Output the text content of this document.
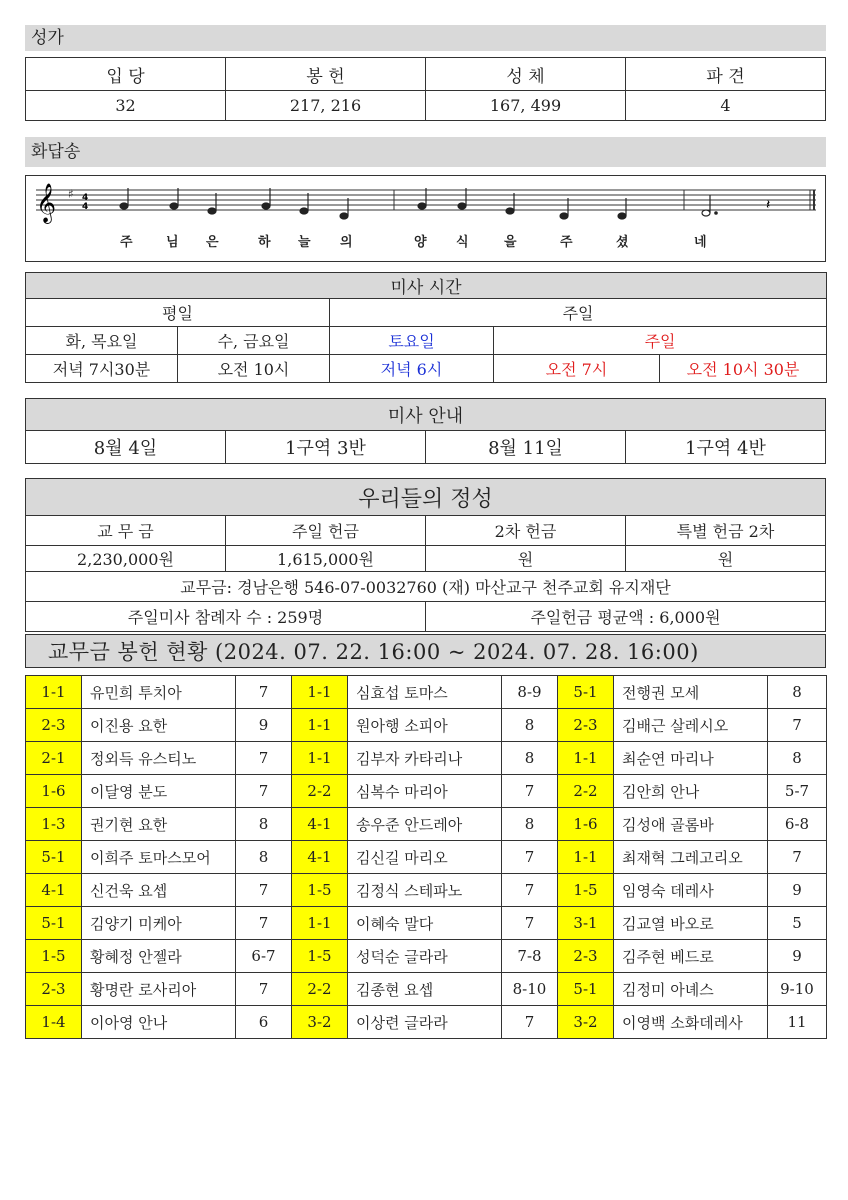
성가
입 당	봉 헌	성 체	파 견
32	217, 216	167, 499	4
화답송
𝄞 ♯ 4
4	𝄽
주	님 은	하 늘 의	양 식	을	주	셨	네
미사 시간				
평일		주일		
화, 목요일	수, 금요일	토요일	주일	
저녁 7시30분	오전 10시	저녁 6시	오전 7시	오전 10시 30분
미사 안내
8월 4일	1구역 3반	8월 11일	1구역 4반
우리들의 정성			
교 무 금	주일 헌금	2차 헌금	특별 헌금 2차
2,230,000원	1,615,000원	원	원
교무금: 경남은행 546-07-0032760 (재) 마산교구 천주교회 유지재단			
주일미사 참례자 수 : 259명		주일헌금 평균액 : 6,000원	
교무금 봉헌 현황 (2024. 07. 22. 16:00 ~ 2024. 07. 28. 16:00)
1-1	유민희 투치아	7	1-1	심효섭 토마스	8-9	5-1	전행권 모세	8
2-3	이진용 요한	9	1-1	원아행 소피아	8	2-3	김배근 살레시오	7
2-1	정외득 유스티노	7	1-1	김부자 카타리나	8	1-1	최순연 마리나	8
1-6	이달영 분도	7	2-2	심복수 마리아	7	2-2	김안희 안나	5-7
1-3	권기현 요한	8	4-1	송우준 안드레아	8	1-6	김성애 골롬바	6-8
5-1	이희주 토마스모어	8	4-1	김신길 마리오	7	1-1	최재혁 그레고리오	7
4-1	신건욱 요셉	7	1-5	김정식 스테파노	7	1-5	임영숙 데레사	9
5-1	김양기 미케아	7	1-1	이혜숙 말다	7	3-1	김교열 바오로	5
1-5	황혜정 안젤라	6-7	1-5	성덕순 글라라	7-8	2-3	김주현 베드로	9
2-3	황명란 로사리아	7	2-2	김종현 요셉	8-10	5-1	김정미 아녜스	9-10
1-4	이아영 안나	6	3-2	이상련 글라라	7	3-2	이영백 소화데레사	11
